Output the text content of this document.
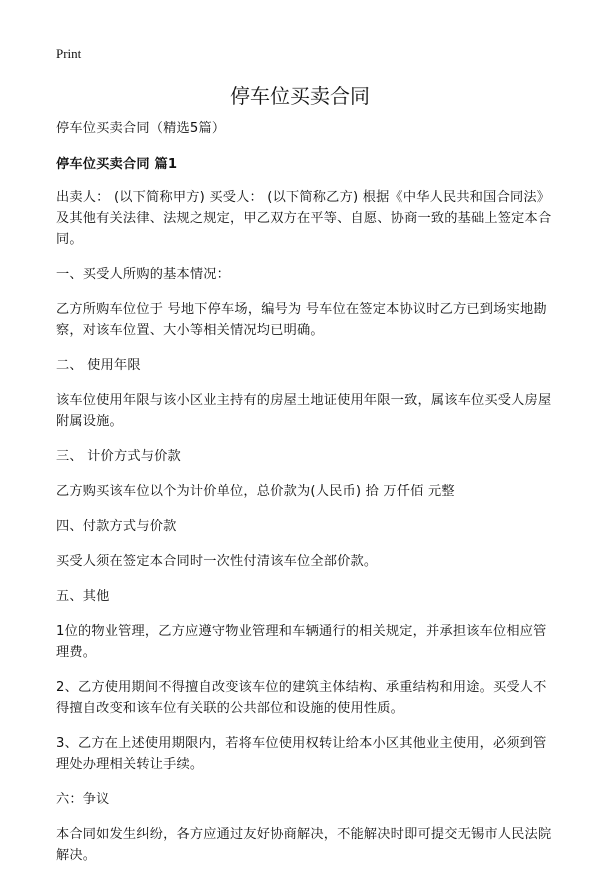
Print
停车位买卖合同

停车位买卖合同（精选5篇）

停车位买卖合同 篇1

出卖人： (以下简称甲方) 买受人： (以下简称乙方) 根据《中华人民共和国合同法》及其他有关法律、法规之规定，甲乙双方在平等、自愿、协商一致的基础上签定本合同。

一、买受人所购的基本情况：

乙方所购车位位于 号地下停车场，编号为 号车位在签定本协议时乙方已到场实地勘察，对该车位置、大小等相关情况均已明确。

二、 使用年限

该车位使用年限与该小区业主持有的房屋土地证使用年限一致，属该车位买受人房屋附属设施。

三、 计价方式与价款

乙方购买该车位以个为计价单位，总价款为(人民币) 拾 万仟佰 元整

四、付款方式与价款

买受人须在签定本合同时一次性付清该车位全部价款。

五、其他

1位的物业管理，乙方应遵守物业管理和车辆通行的相关规定，并承担该车位相应管理费。

2、乙方使用期间不得擅自改变该车位的建筑主体结构、承重结构和用途。买受人不得擅自改变和该车位有关联的公共部位和设施的使用性质。

3、乙方在上述使用期限内，若将车位使用权转让给本小区其他业主使用，必须到管理处办理相关转让手续。

六：争议

本合同如发生纠纷，各方应通过友好协商解决，不能解决时即可提交无锡市人民法院解决。
